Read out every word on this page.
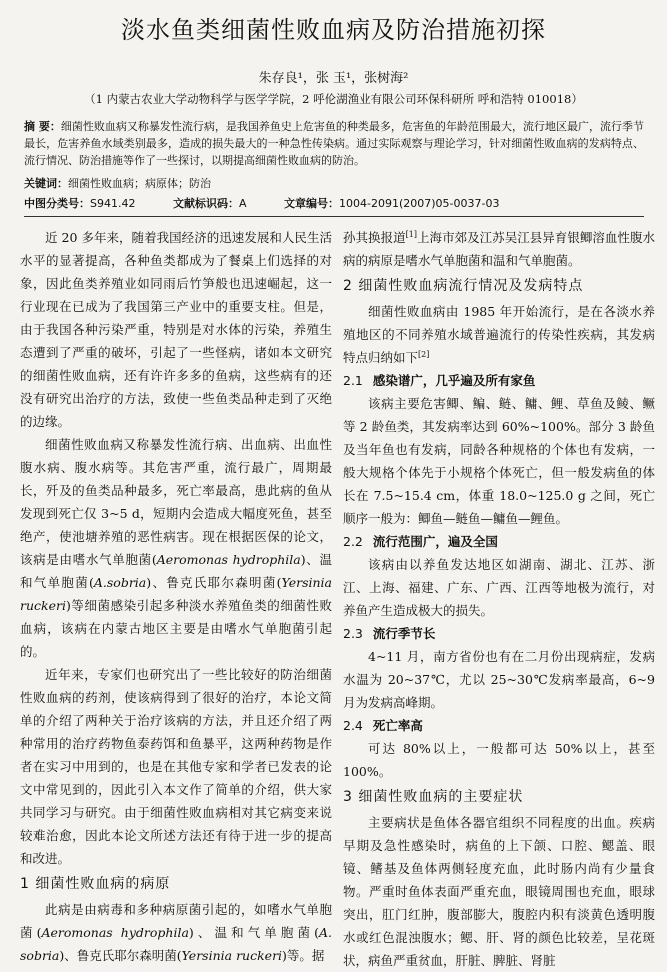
淡水鱼类细菌性败血病及防治措施初探
朱存良¹，张 玉¹，张树海²
（1 内蒙古农业大学动物科学与医学学院，2 呼伦湖渔业有限公司环保科研所 呼和浩特 010018）
摘 要：细菌性败血病又称暴发性流行病，是我国养鱼史上危害鱼的种类最多，危害鱼的年龄范围最大，流行地区最广，流行季节最长，危害养鱼水域类别最多，造成的损失最大的一种急性传染病。通过实际观察与理论学习，针对细菌性败血病的发病特点、流行情况、防治措施等作了一些探讨，以期提高细菌性败血病的防治。
关键词：细菌性败血病；病原体；防治
中图分类号：S941.42	文献标识码：A	文章编号：1004-2091(2007)05-0037-03

近 20 多年来，随着我国经济的迅速发展和人民生活水平的显著提高，各种鱼类都成为了餐桌上们选择的对象，因此鱼类养殖业如同雨后竹笋般也迅速崛起，这一行业现在已成为了我国第三产业中的重要支柱。但是，由于我国各种污染严重，特别是对水体的污染，养殖生态遭到了严重的破坏，引起了一些怪病，诸如本文研究的细菌性败血病，还有许许多多的鱼病，这些病有的还没有研究出治疗的方法，致使一些鱼类品种走到了灭绝的边缘。

细菌性败血病又称暴发性流行病、出血病、出血性腹水病、腹水病等。其危害严重，流行最广，周期最长，歼及的鱼类品种最多，死亡率最高，患此病的鱼从发现到死亡仅 3~5 d，短期内会造成大幅度死鱼，甚至绝产，使池塘养殖的恶性病害。现在根据医保的论文，该病是由嗜水气单胞菌(Aeromonas hydrophila)、温和气单胞菌(A.sobria)、鲁克氏耶尔森明菌(Yersinia ruckeri)等细菌感染引起多种淡水养殖鱼类的细菌性败血病，该病在内蒙古地区主要是由嗜水气单胞菌引起的。

近年来，专家们也研究出了一些比较好的防治细菌性败血病的药剂，使该病得到了很好的治疗，本论文简单的介绍了两种关于治疗该病的方法，并且还介绍了两种常用的治疗药物鱼泰药饵和鱼暴平，这两种药物是作者在实习中用到的，也是在其他专家和学者已发表的论文中常见到的，因此引入本文作了简单的介绍，供大家共同学习与研究。由于细菌性败血病相对其它病变来说较难治愈，因此本论文所述方法还有待于进一步的提高和改进。

1 细菌性败血病的病原

此病是由病毒和多种病原菌引起的，如嗜水气单胞菌(Aeromonas hydrophila)、温和气单胞菌(A. sobria)、鲁克氏耶尔森明菌(Yersinia ruckeri)等。据

孙其换报道[1]上海市郊及江苏吴江县异育银鲫溶血性腹水病的病原是嗜水气单胞菌和温和气单胞菌。

2 细菌性败血病流行情况及发病特点

细菌性败血病由 1985 年开始流行，是在各淡水养殖地区的不同养殖水域普遍流行的传染性疾病，其发病特点归纳如下[2]

2.1 感染谱广，几乎遍及所有家鱼

该病主要危害鲫、鳊、鲢、鳙、鲤、草鱼及鲮、鳜等 2 龄鱼类，其发病率达到 60%~100%。部分 3 龄鱼及当年鱼也有发病，同龄各种规格的个体也有发病，一般大规格个体先于小规格个体死亡，但一般发病鱼的体长在 7.5~15.4 cm，体重 18.0~125.0 g 之间，死亡顺序一般为：鲫鱼—鲢鱼—鳙鱼—鲤鱼。

2.2 流行范围广，遍及全国

该病由以养鱼发达地区如湖南、湖北、江苏、浙江、上海、福建、广东、广西、江西等地极为流行，对养鱼产生造成极大的损失。

2.3 流行季节长

4~11 月，南方省份也有在二月份出现病症，发病水温为 20~37℃，尤以 25~30℃发病率最高，6~9 月为发病高峰期。

2.4 死亡率高

可达 80%以上，一般都可达 50%以上，甚至 100%。

3 细菌性败血病的主要症状

主要病状是鱼体各器官组织不同程度的出血。疾病早期及急性感染时，病鱼的上下颌、口腔、鳃盖、眼镜、鳍基及鱼体两侧轻度充血，此时肠内尚有少量食物。严重时鱼体表面严重充血，眼镜周围也充血，眼球突出，肛门红肿，腹部膨大，腹腔内积有淡黄色透明腹水或红色混浊腹水；鳃、肝、肾的颜色比较差，呈花斑状，病鱼严重贫血，肝脏、脾脏、肾脏
